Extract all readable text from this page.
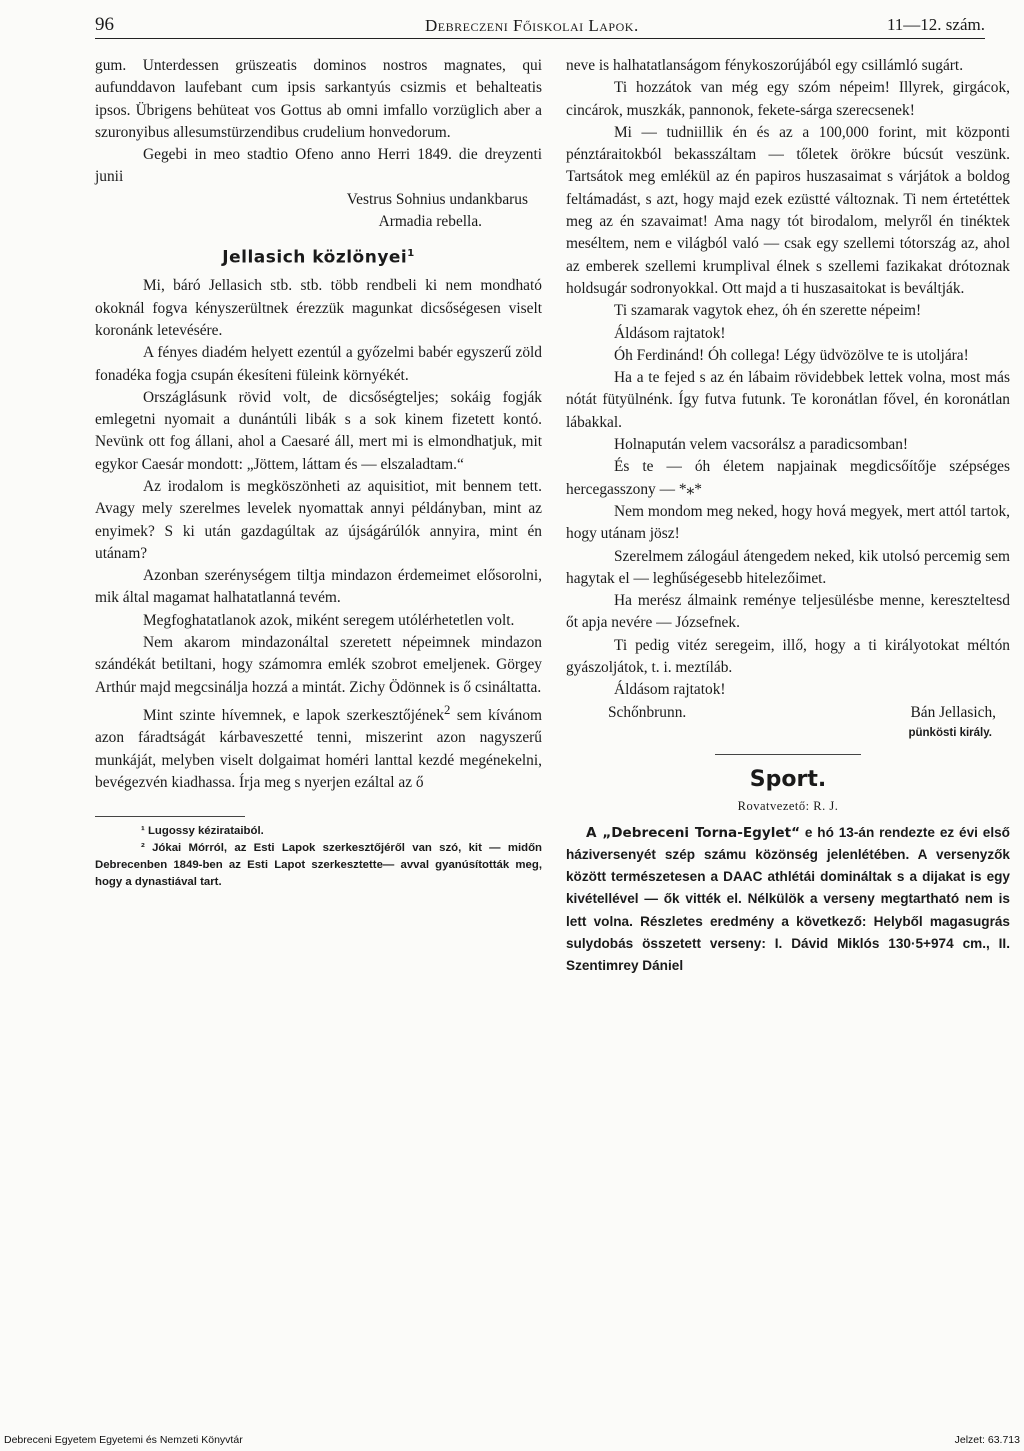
96	Debreczeni Főiskolai Lapok.	11—12. szám.

gum. Unterdessen grüszeatis dominos nostros magnates, qui aufunddavon laufebant cum ipsis sarkantyús csizmis et behalteatis ipsos. Übrigens behüteat vos Gottus ab omni imfallo vorzüglich aber a szuronyibus allesumstürzendibus crudelium honvedorum.

Gegebi in meo stadtio Ofeno anno Herri 1849. die dreyzenti junii

Vestrus Sohnius undankbarus

Armadia rebella.

Jellasich közlönyei$^1$

Mi, báró Jellasich stb. stb. több rendbeli ki nem mondható okoknál fogva kényszerültnek érezzük magunkat dicsőségesen viselt koronánk letevésére.

A fényes diadém helyett ezentúl a győzelmi babér egyszerű zöld fonadéka fogja csupán ékesíteni füleink környékét.

Országlásunk rövid volt, de dicsőségteljes; sokáig fogják emlegetni nyomait a dunántúli libák s a sok kinem fizetett kontó. Nevünk ott fog állani, ahol a Caesaré áll, mert mi is elmondhatjuk, mit egykor Caesár mondott: „Jöttem, láttam és — elszaladtam.“

Az irodalom is megköszönheti az aquisitiot, mit bennem tett. Avagy mely szerelmes levelek nyomattak annyi példányban, mint az enyimek? S ki után gazdagúltak az újságárúlók annyira, mint én utánam?

Azonban szerénységem tiltja mindazon érdemeimet elősorolni, mik által magamat halhatatlanná tevém.

Megfoghatatlanok azok, miként seregem utólérhetetlen volt.

Nem akarom mindazonáltal szeretett népeimnek mindazon szándékát betiltani, hogy számomra emlék szobrot emeljenek. Görgey Arthúr majd megcsinálja hozzá a mintát. Zichy Ödönnek is ő csináltatta.

Mint szinte hívemnek, e lapok szerkesztőjének$^2$ sem kívánom azon fáradtságát kárbaveszetté tenni, miszerint azon nagyszerű munkáját, melyben viselt dolgaimat homéri lanttal kezdé megénekelni, bevégezvén kiadhassa. Írja meg s nyerjen ezáltal az ő

¹ Lugossy kézirataiból.
² Jókai Mórról, az Esti Lapok szerkesztőjéről van szó, kit — midőn Debrecenben 1849-ben az Esti Lapot szerkesztette— avval gyanúsították meg, hogy a dynastiával tart.

neve is halhatatlanságom fénykoszorújából egy csillámló sugárt.

Ti hozzátok van még egy szóm népeim! Illyrek, girgácok, cincárok, muszkák, pannonok, fekete-sárga szerecsenek!

Mi — tudniillik én és az a 100,000 forint, mit központi pénztáraitokból bekasszáltam — tőletek örökre búcsút veszünk. Tartsátok meg emlékül az én papiros huszasaimat s várjátok a boldog feltámadást, s azt, hogy majd ezek ezüstté változnak. Ti nem értetéttek meg az én szavaimat! Ama nagy tót birodalom, melyről én tinéktek meséltem, nem e világból való — csak egy szellemi tótország az, ahol az emberek szellemi krumplival élnek s szellemi fazikakat drótoznak holdsugár sodronyokkal. Ott majd a ti huszasaitokat is beváltják.

Ti szamarak vagytok ehez, óh én szerette népeim!

Áldásom rajtatok!

Óh Ferdinánd! Óh collega! Légy üdvözölve te is utoljára!

Ha a te fejed s az én lábaim rövidebbek lettek volna, most más nótát fütyülnénk. Így futva futunk. Te koronátlan fővel, én koronátlan lábakkal.

Holnapután velem vacsorálsz a paradicsomban!

És te — óh életem napjainak megdicsőítője szépséges hercegasszony — *⁎*

Nem mondom meg neked, hogy hová megyek, mert attól tartok, hogy utánam jösz!

Szerelmem zálogául átengedem neked, kik utolsó percemig sem hagytak el — leghűségesebb hitelezőimet.

Ha merész álmaink reménye teljesülésbe menne, kereszteltesd őt apja nevére — Józsefnek.

Ti pedig vitéz seregeim, illő, hogy a ti királyotokat méltón gyászoljátok, t. i. meztíláb.

Áldásom rajtatok!

Schőnbrunn.	Bán Jellasich,
pünkösti király.
Sport.
Rovatvezető: R. J.

A „Debreceni Torna-Egylet“ e hó 13-án rendezte ez évi első háziversenyét szép számu közönség jelenlétében. A versenyzők között természetesen a DAAC athlétái domináltak s a dijakat is egy kivétellével — ők vitték el. Nélkülök a verseny megtartható nem is lett volna. Részletes eredmény a következő: Helyből magasugrás sulydobás összetett verseny: I. Dávid Miklós 130·5+974 cm., II. Szentimrey Dániel

Debreceni Egyetem Egyetemi és Nemzeti Könyvtár	Jelzet: 63.713
